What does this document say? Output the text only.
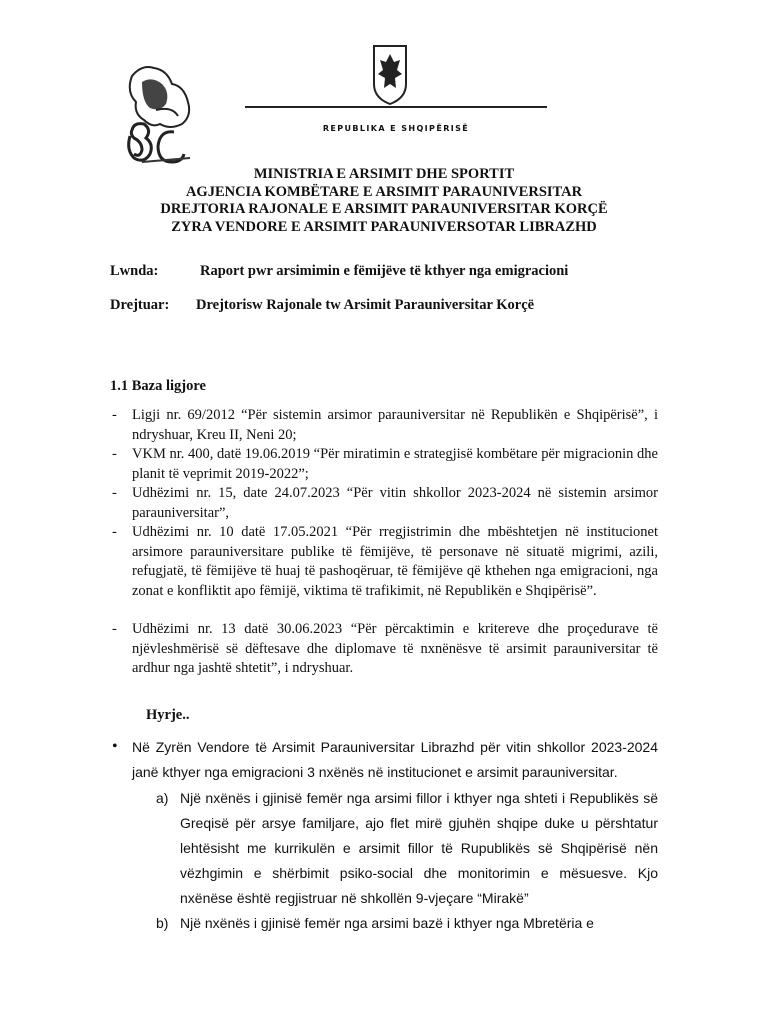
REPUBLIKA E SHQIPËRISË
MINISTRIA E ARSIMIT DHE SPORTIT
AGJENCIA KOMBËTARE E ARSIMIT PARAUNIVERSITAR
DREJTORIA RAJONALE E ARSIMIT PARAUNIVERSITAR KORÇË
ZYRA VENDORE E ARSIMIT PARAUNIVERSOTAR LIBRAZHD
Lwnda:	Raport pwr arsimimin e fëmijëve të kthyer nga emigracioni
Drejtuar: Drejtorisw Rajonale tw Arsimit Parauniversitar Korçë
1.1 Baza ligjore
- Ligji nr. 69/2012 “Për sistemin arsimor parauniversitar në Republikën e Shqipërisë”, i ndryshuar, Kreu II, Neni 20;
- VKM nr. 400, datë 19.06.2019 “Për miratimin e strategjisë kombëtare për migracionin dhe planit të veprimit 2019-2022”;
- Udhëzimi nr. 15, date 24.07.2023 “Për vitin shkollor 2023-2024 në sistemin arsimor parauniversitar”,
- Udhëzimi nr. 10 datë 17.05.2021 “Për rregjistrimin dhe mbështetjen në institucionet arsimore parauniversitare publike të fëmijëve, të personave në situatë migrimi, azili, refugjatë, të fëmijëve të huaj të pashoqëruar, të fëmijëve që kthehen nga emigracioni, nga zonat e konfliktit apo fëmijë, viktima të trafikimit, në Republikën e Shqipërisë”.
- Udhëzimi nr. 13 datë 30.06.2023 “Për përcaktimin e kritereve dhe proçedurave të njëvleshmërisë së dëftesave dhe diplomave të nxnënësve të arsimit parauniversitar të ardhur nga jashtë shtetit”, i ndryshuar.
Hyrje..
• Në Zyrën Vendore të Arsimit Parauniversitar Librazhd për vitin shkollor 2023-2024 janë kthyer nga emigracioni 3 nxënës në institucionet e arsimit parauniversitar.
a) Një nxënës i gjinisë femër nga arsimi fillor i kthyer nga shteti i Republikës së Greqisë për arsye familjare, ajo flet mirë gjuhën shqipe duke u përshtatur lehtësisht me kurrikulën e arsimit fillor të Rupublikës së Shqipërisë nën vëzhgimin e shërbimit psiko-social dhe monitorimin e mësuesve. Kjo nxënëse është regjistruar në shkollën 9-vjeçare “Mirakë”
b) Një nxënës i gjinisë femër nga arsimi bazë i kthyer nga Mbretëria e
